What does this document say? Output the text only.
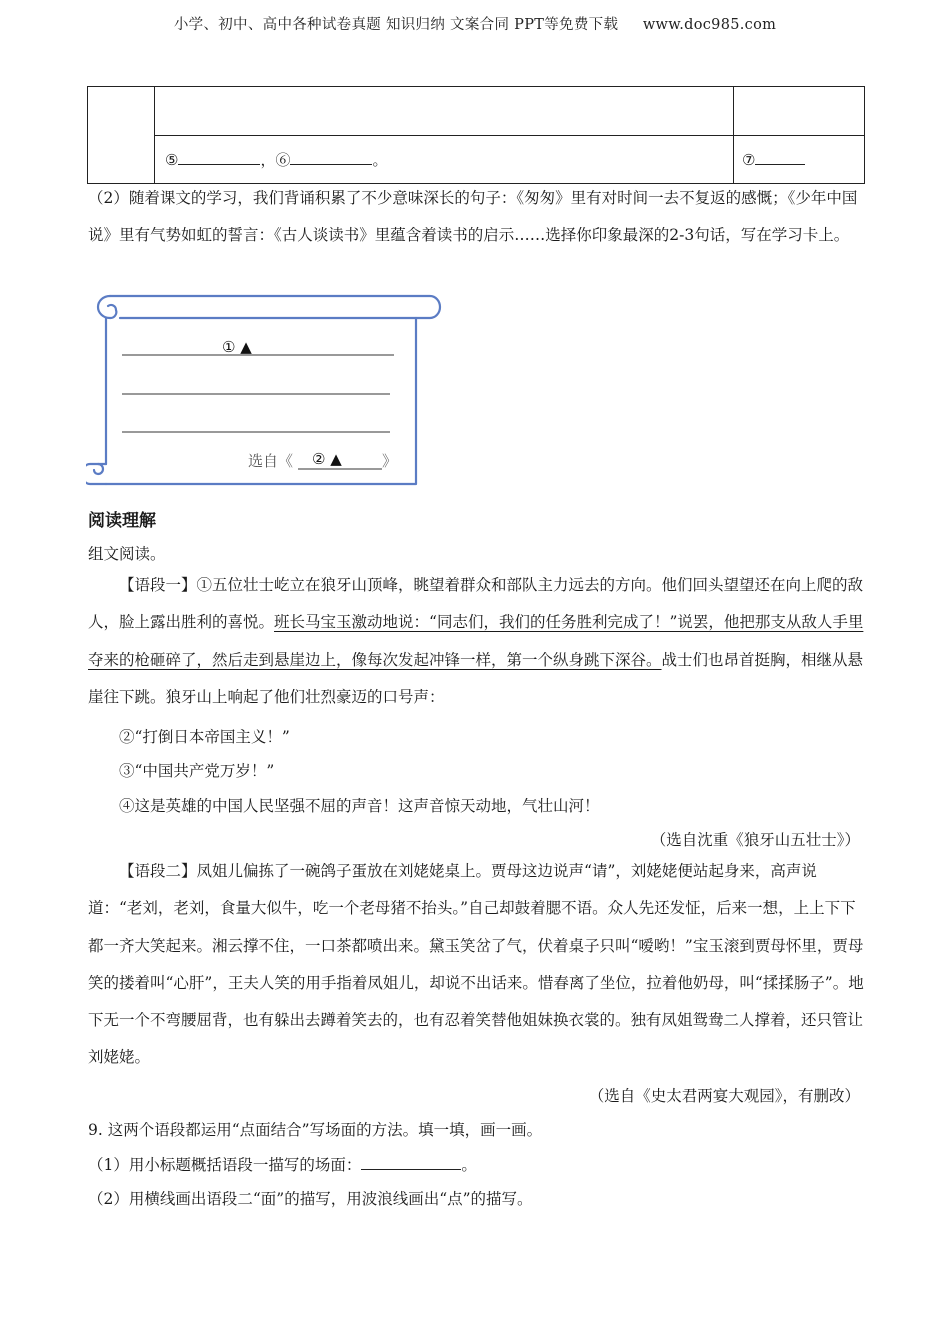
小学、初中、高中各种试卷真题 知识归纳 文案合同 PPT等免费下载 www.doc985.com

	⑤ ，⑥ 。	⑦
（2）随着课文的学习，我们背诵积累了不少意味深长的句子：《匆匆》里有对时间一去不复返的感慨；《少年中国说》里有气势如虹的誓言：《古人谈读书》里蕴含着读书的启示……选择你印象最深的2-3句话，写在学习卡上。
① ▲
选自《 ② ▲	》
阅读理解
组文阅读。
【语段一】①五位壮士屹立在狼牙山顶峰，眺望着群众和部队主力远去的方向。他们回头望望还在向上爬的敌人，脸上露出胜利的喜悦。班长马宝玉激动地说：“同志们，我们的任务胜利完成了！”说罢，他把那支从敌人手里夺来的枪砸碎了，然后走到悬崖边上，像每次发起冲锋一样，第一个纵身跳下深谷。战士们也昂首挺胸，相继从悬崖往下跳。狼牙山上响起了他们壮烈豪迈的口号声：
②“打倒日本帝国主义！”
③“中国共产党万岁！”
④这是英雄的中国人民坚强不屈的声音！这声音惊天动地，气壮山河！
（选自沈重《狼牙山五壮士》）
【语段二】凤姐儿偏拣了一碗鸽子蛋放在刘姥姥桌上。贾母这边说声“请”，刘姥姥便站起身来，高声说道：“老刘，老刘，食量大似牛，吃一个老母猪不抬头。”自己却鼓着腮不语。众人先还发怔，后来一想，上上下下都一齐大笑起来。湘云撑不住，一口茶都喷出来。黛玉笑岔了气，伏着桌子只叫“嗳哟！”宝玉滚到贾母怀里，贾母笑的搂着叫“心肝”，王夫人笑的用手指着凤姐儿，却说不出话来。惜春离了坐位，拉着他奶母，叫“揉揉肠子”。地下无一个不弯腰屈背，也有躲出去蹲着笑去的，也有忍着笑替他姐妹换衣裳的。独有凤姐鸳鸯二人撑着，还只管让刘姥姥。
（选自《史太君两宴大观园》，有删改）
9. 这两个语段都运用“点面结合”写场面的方法。填一填，画一画。
（1）用小标题概括语段一描写的场面：	。
（2）用横线画出语段二“面”的描写，用波浪线画出“点”的描写。
